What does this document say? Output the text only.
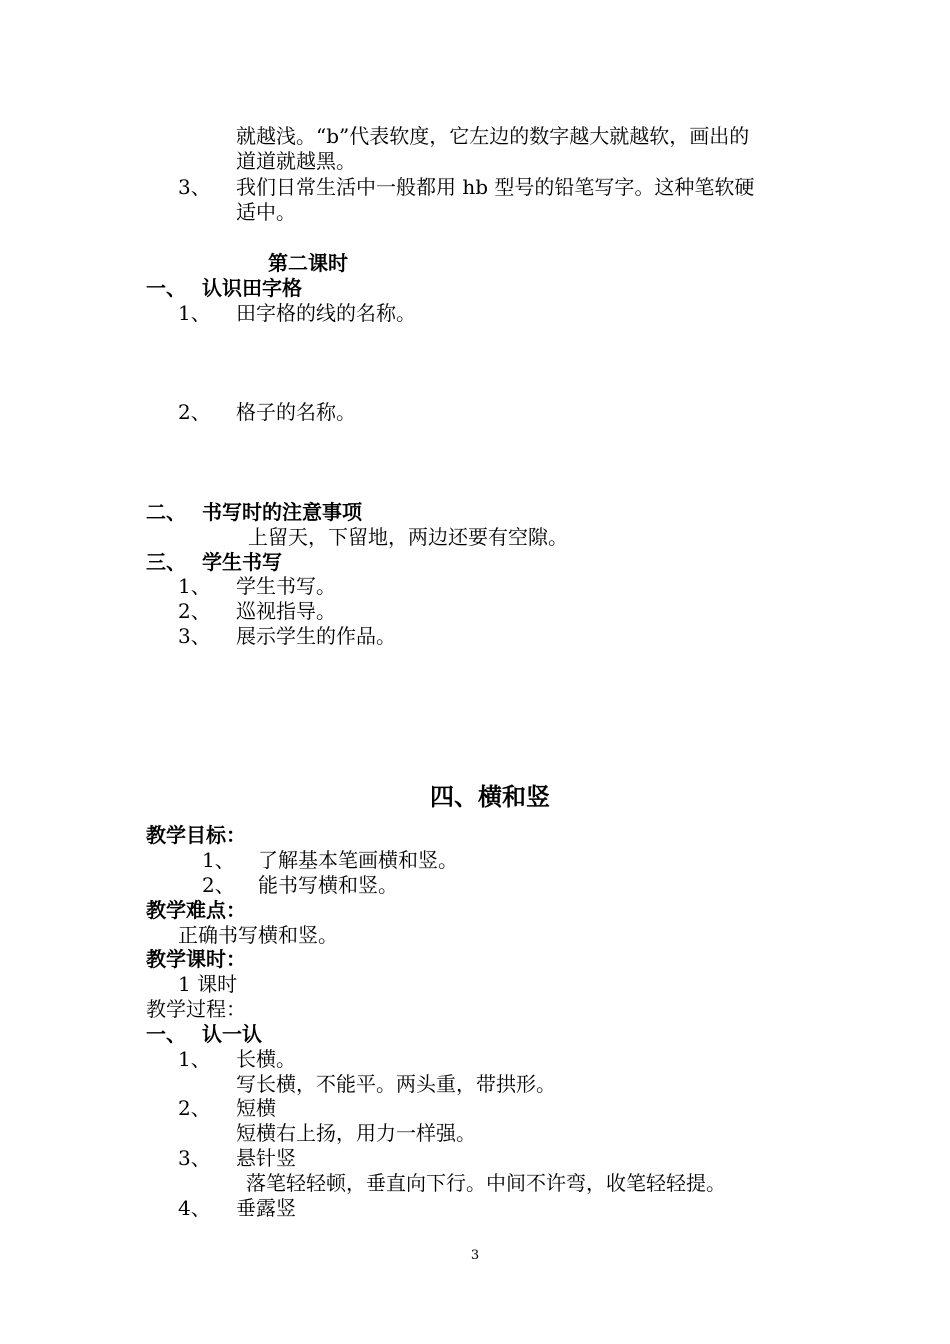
就越浅。“b”代表软度，它左边的数字越大就越软，画出的
道道就越黑。
3、 我们日常生活中一般都用 hb 型号的铅笔写字。这种笔软硬
适中。
第二课时
一、 认识田字格
1、 田字格的线的名称。
2、 格子的名称。
二、 书写时的注意事项
上留天，下留地，两边还要有空隙。
三、 学生书写
1、 学生书写。
2、 巡视指导。
3、 展示学生的作品。
四、横和竖
教学目标：
1、 了解基本笔画横和竖。
2、 能书写横和竖。
教学难点：
正确书写横和竖。
教学课时：
1 课时
教学过程：
一、 认一认
1、 长横。
写长横，不能平。两头重，带拱形。
2、 短横
短横右上扬，用力一样强。
3、 悬针竖
落笔轻轻顿，垂直向下行。中间不许弯，收笔轻轻提。
4、 垂露竖
3
